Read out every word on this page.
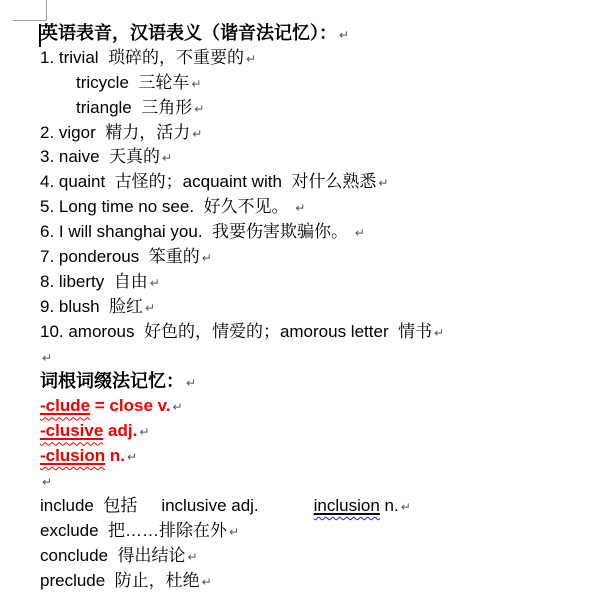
英语表音，汉语表义（谐音法记忆）： ↵
1. trivial  琐碎的，不重要的 ↵
tricycle  三轮车 ↵
triangle  三角形 ↵
2. vigor  精力，活力 ↵
3. naive  天真的 ↵
4. quaint  古怪的；acquaint with  对什么熟悉 ↵
5. Long time no see.  好久不见。 ↵
6. I will shanghai you.  我要伤害欺骗你。 ↵
7. ponderous  笨重的 ↵
8. liberty  自由 ↵
9. blush  脸红 ↵
10. amorous  好色的，情爱的；amorous letter  情书 ↵
↵
词根词缀法记忆： ↵
-clude = close v. ↵
-clusive adj. ↵
-clusion n. ↵
↵
include  包括 inclusive adj.	inclusion n. ↵
exclude  把……排除在外 ↵
conclude  得出结论 ↵
preclude  防止，杜绝 ↵
